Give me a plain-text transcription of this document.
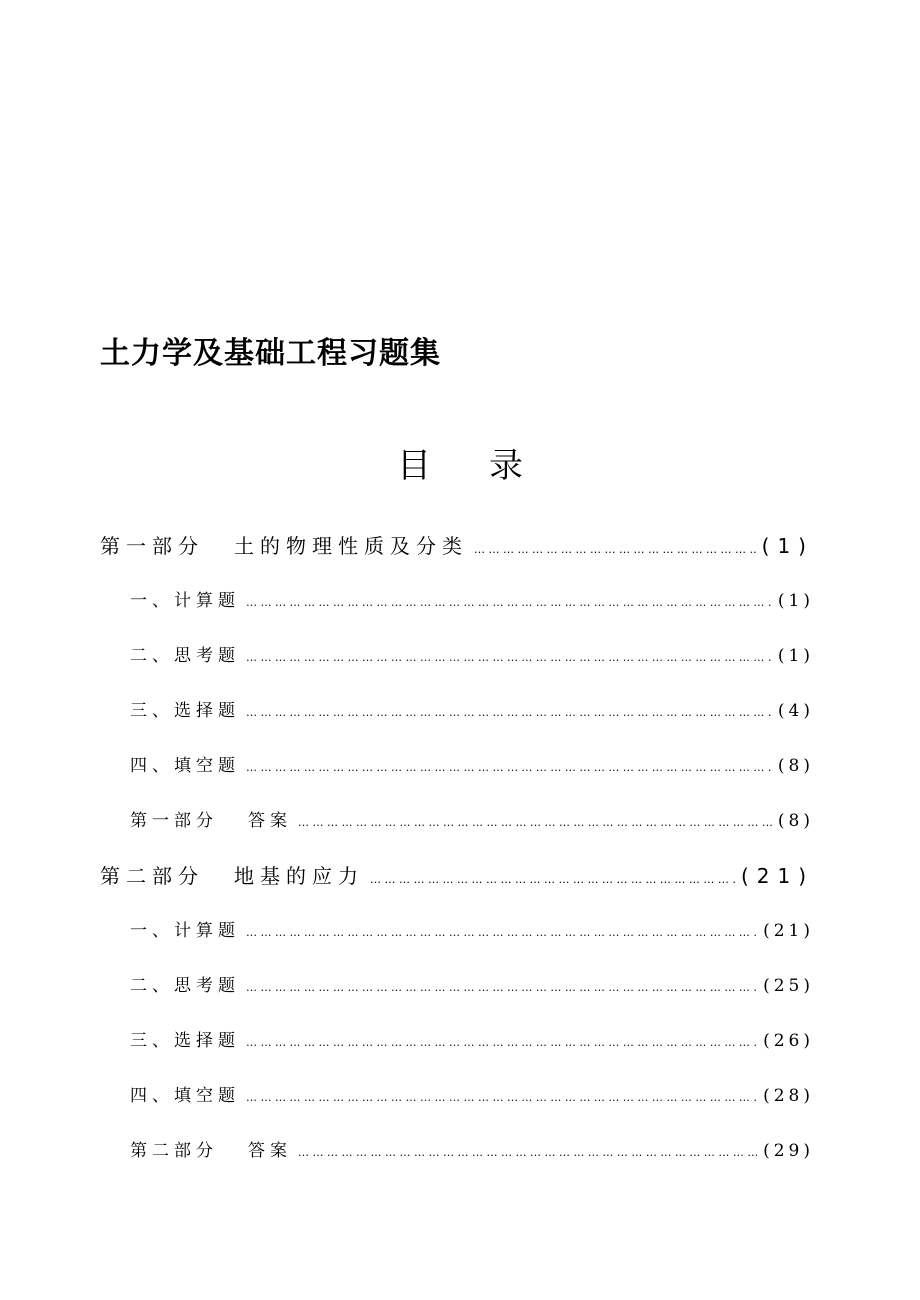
土力学及基础工程习题集
目 录
第一部分 土的物理性质及分类 … … … … … … … … … … … … … … … … … … … … … … … … … … … … … … … … … … … … … … … … … … … … … … … … … … … … … … … … … … … … … … … … … … … … … … … … … … … … … … … …	(1)
一、计算题 … … … … … … … … … … … … … … … … … … … … … … … … … … … … … … … … … … … … … … … … … … … … … … … … … … … … … … … … … … … … … … … … … … … … … … … … … … … … … … … …	(1)
二、思考题 … … … … … … … … … … … … … … … … … … … … … … … … … … … … … … … … … … … … … … … … … … … … … … … … … … … … … … … … … … … … … … … … … … … … … … … … … … … … … … … …	(1)
三、选择题 … … … … … … … … … … … … … … … … … … … … … … … … … … … … … … … … … … … … … … … … … … … … … … … … … … … … … … … … … … … … … … … … … … … … … … … … … … … … … … … …	(4)
四、填空题 … … … … … … … … … … … … … … … … … … … … … … … … … … … … … … … … … … … … … … … … … … … … … … … … … … … … … … … … … … … … … … … … … … … … … … … … … … … … … … … …	(8)
第一部分 答案 … … … … … … … … … … … … … … … … … … … … … … … … … … … … … … … … … … … … … … … … … … … … … … … … … … … … … … … … … … … … … … … … … … … … … … … … … … … … … … … …	(8)
第二部分 地基的应力 … … … … … … … … … … … … … … … … … … … … … … … … … … … … … … … … … … … … … … … … … … … … … … … … … … … … … … … … … … … … … … … … … … … … … … … … … … … … … … … …	(21)
一、计算题 … … … … … … … … … … … … … … … … … … … … … … … … … … … … … … … … … … … … … … … … … … … … … … … … … … … … … … … … … … … … … … … … … … … … … … … … … … … … … … … …	(21)
二、思考题 … … … … … … … … … … … … … … … … … … … … … … … … … … … … … … … … … … … … … … … … … … … … … … … … … … … … … … … … … … … … … … … … … … … … … … … … … … … … … … … …	(25)
三、选择题 … … … … … … … … … … … … … … … … … … … … … … … … … … … … … … … … … … … … … … … … … … … … … … … … … … … … … … … … … … … … … … … … … … … … … … … … … … … … … … … …	(26)
四、填空题 … … … … … … … … … … … … … … … … … … … … … … … … … … … … … … … … … … … … … … … … … … … … … … … … … … … … … … … … … … … … … … … … … … … … … … … … … … … … … … … …	(28)
第二部分 答案 … … … … … … … … … … … … … … … … … … … … … … … … … … … … … … … … … … … … … … … … … … … … … … … … … … … … … … … … … … … … … … … … … … … … … … … … … … … … … … … …	(29)
